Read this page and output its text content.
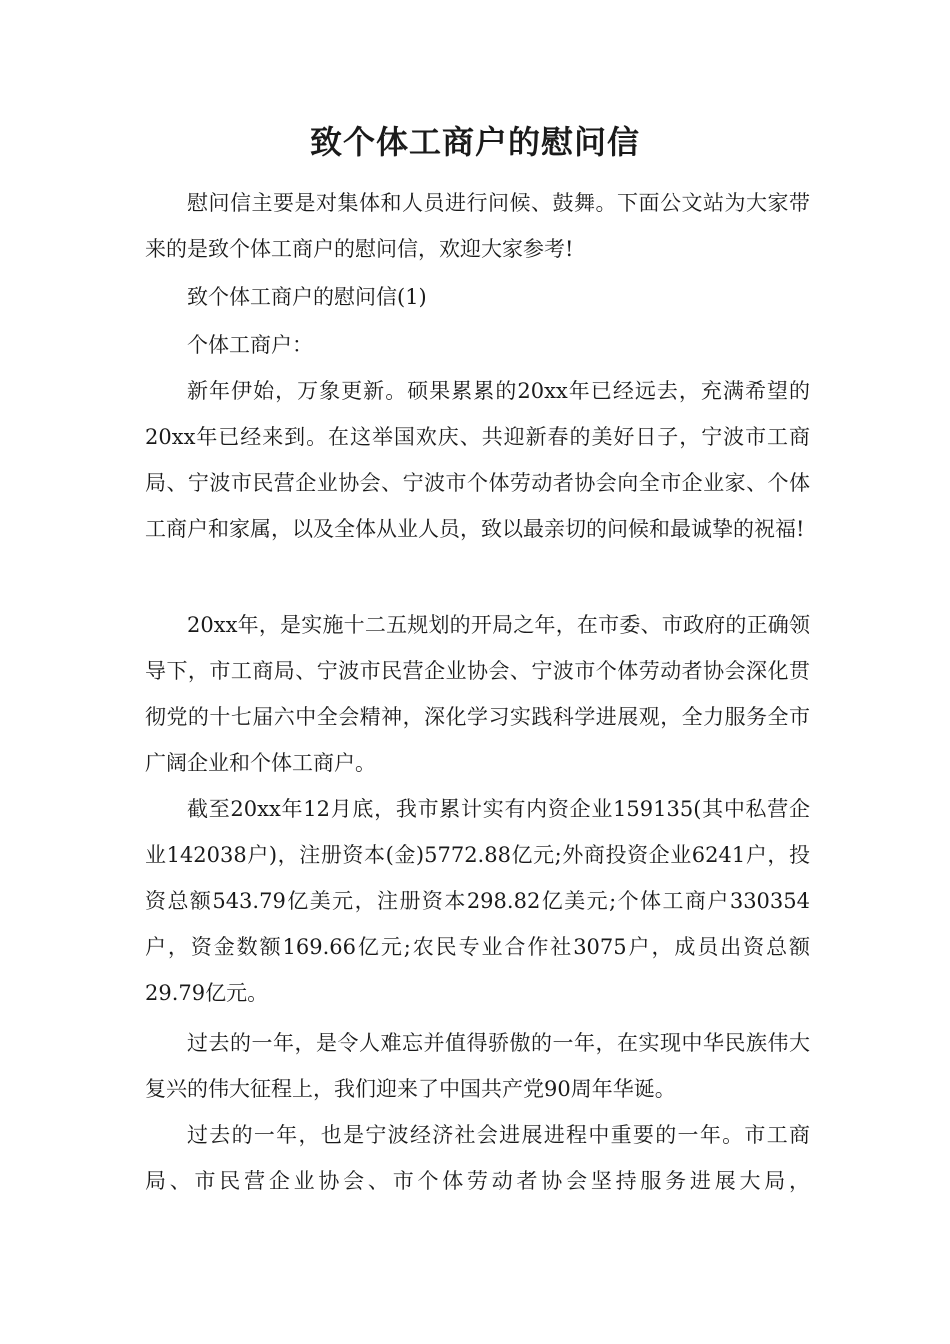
致个体工商户的慰问信

慰问信主要是对集体和人员进行问候、鼓舞。下面公文站为大家带来的是致个体工商户的慰问信，欢迎大家参考!

致个体工商户的慰问信(1)

个体工商户：

新年伊始，万象更新。硕果累累的20xx年已经远去，充满希望的20xx年已经来到。在这举国欢庆、共迎新春的美好日子，宁波市工商局、宁波市民营企业协会、宁波市个体劳动者协会向全市企业家、个体工商户和家属，以及全体从业人员，致以最亲切的问候和最诚挚的祝福!

20xx年，是实施十二五规划的开局之年，在市委、市政府的正确领导下，市工商局、宁波市民营企业协会、宁波市个体劳动者协会深化贯彻党的十七届六中全会精神，深化学习实践科学进展观，全力服务全市广阔企业和个体工商户。

截至20xx年12月底，我市累计实有内资企业159135(其中私营企业142038户)，注册资本(金)5772.88亿元;外商投资企业6241户，投资总额543.79亿美元，注册资本298.82亿美元;个体工商户330354户，资金数额169.66亿元;农民专业合作社3075户，成员出资总额29.79亿元。

过去的一年，是令人难忘并值得骄傲的一年，在实现中华民族伟大复兴的伟大征程上，我们迎来了中国共产党90周年华诞。

过去的一年，也是宁波经济社会进展进程中重要的一年。市工商局、市民营企业协会、市个体劳动者协会坚持服务进展大局，
